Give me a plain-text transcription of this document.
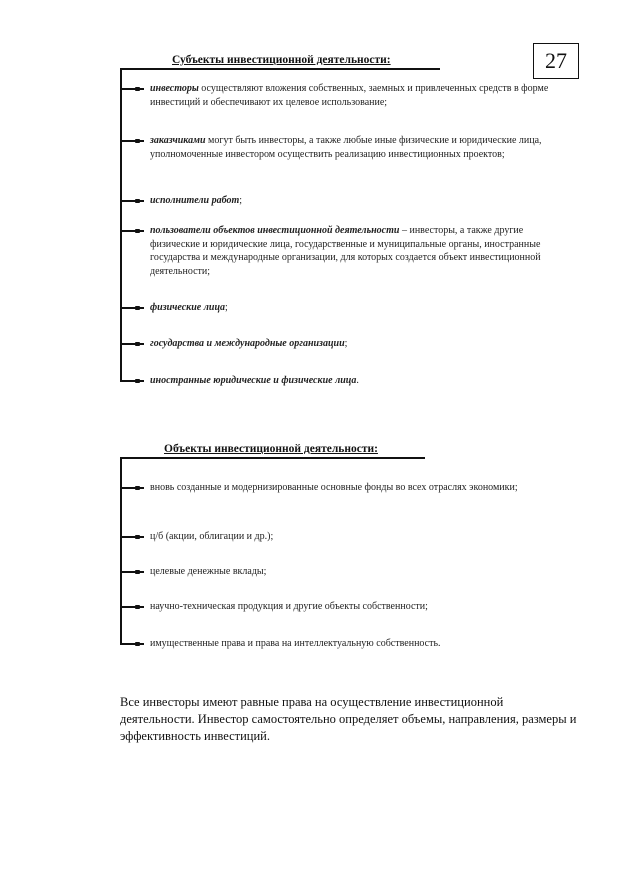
Субъекты инвестиционной деятельности:	27
инвесторы осуществляют вложения собственных, заемных и привлеченных средств в форме инвестиций и обеспечивают их целевое использование;
заказчиками могут быть инвесторы, а также любые иные физические и юридические лица, уполномоченные инвестором осуществить реализацию инвестиционных проектов;
исполнители работ;
пользователи объектов инвестиционной деятельности – инвесторы, а также другие физические и юридические лица, государственные и муниципальные органы, иностранные государства и международные организации, для которых создается объект инвестиционной деятельности;
физические лица;
государства и международные организации;
иностранные юридические и физические лица.
Объекты инвестиционной деятельности:
вновь созданные и модернизированные основные фонды во всех отраслях экономики;
ц/б (акции, облигации и др.);
целевые денежные вклады;
научно-техническая продукция и другие объекты собственности;
имущественные права и права на интеллектуальную собственность.
Все инвесторы имеют равные права на осуществление инвестиционной деятельности. Инвестор самостоятельно определяет объемы, направления, размеры и эффективность инвестиций.
